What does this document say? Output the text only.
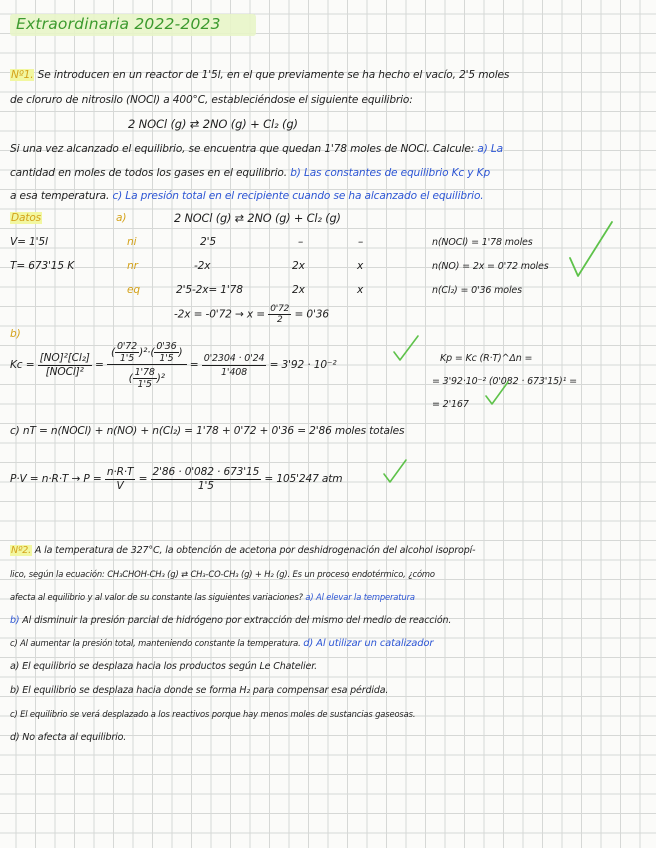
Extraordinaria 2022-2023
Nº1. Se introducen en un reactor de 1'5l, en el que previamente se ha hecho el vacío, 2'5 moles
de cloruro de nitrosilo (NOCl) a 400°C, estableciéndose el siguiente equilibrio:
2 NOCl (g) ⇄ 2NO (g) + Cl₂ (g)
Si una vez alcanzado el equilibrio, se encuentra que quedan 1'78 moles de NOCl. Calcule: a) La
cantidad en moles de todos los gases en el equilibrio. b) Las constantes de equilibrio Kc y Kp
a esa temperatura. c) La presión total en el recipiente cuando se ha alcanzado el equilibrio.
Datos
V= 1'5l
T= 673'15 K
a)	2 NOCl (g) ⇄ 2NO (g) + Cl₂ (g)
ni	2'5	–	–
nr	-2x	2x	x
eq	2'5-2x= 1'78	2x	x
$-2x = -0'72 \to x = \frac{0'72}{2} = 0'36$
n(NOCl) = 1'78 moles
n(NO) = 2x = 0'72 moles
n(Cl₂) = 0'36 moles
b)
$Kc = \frac{\text{[NO]²[Cl₂]}}{\text{[NOCl]²}} = \frac{( \frac{0'72}{1'5} )^2\cdot( \frac{0'36}{1'5} )}{( \frac{1'78}{1'5} )^2} = \frac{0'2304 \cdot 0'24}{1'408} = 3'92 \cdot 10^{-2}$
Kp = Kc (R·T)^Δn =
= 3'92·10⁻² (0'082 · 673'15)¹ =
= 2'167
c) nT = n(NOCl) + n(NO) + n(Cl₂) = 1'78 + 0'72 + 0'36 = 2'86 moles totales
$P\cdot V = n\cdot R\cdot T \to P = \frac{n\cdot R\cdot T}{V} = \frac{2'86 \cdot 0'082 \cdot 673'15}{1'5} = 105'247$ atm
Nº2. A la temperatura de 327°C, la obtención de acetona por deshidrogenación del alcohol isopropí-
lico, según la ecuación: CH₃CHOH-CH₃ (g) ⇄ CH₃-CO-CH₃ (g) + H₂ (g). Es un proceso endotérmico, ¿cómo
afecta al equilibrio y al valor de su constante las siguientes variaciones? a) Al elevar la temperatura
b) Al disminuir la presión parcial de hidrógeno por extracción del mismo del medio de reacción.
c) Al aumentar la presión total, manteniendo constante la temperatura. d) Al utilizar un catalizador
a) El equilibrio se desplaza hacia los productos según Le Chatelier.
b) El equilibrio se desplaza hacia donde se forma H₂ para compensar esa pérdida.
c) El equilibrio se verá desplazado a los reactivos porque hay menos moles de sustancias gaseosas.
d) No afecta al equilibrio.
